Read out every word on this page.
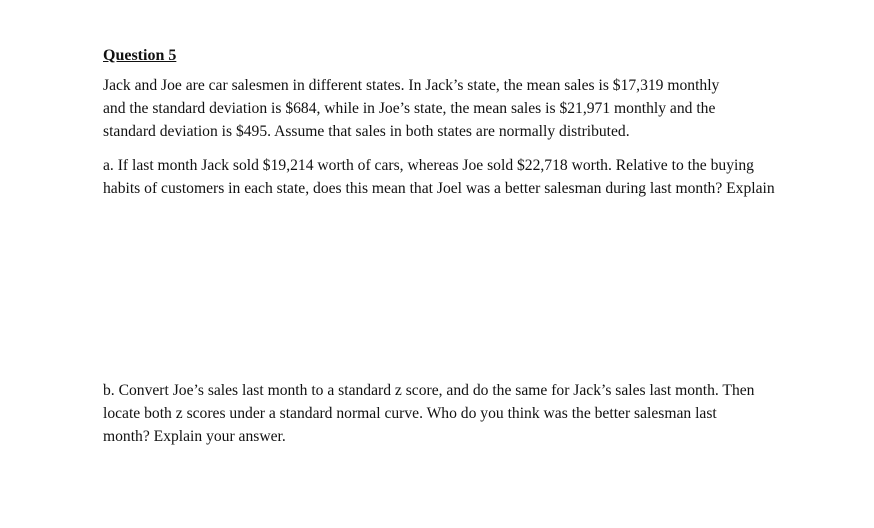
Question 5

Jack and Joe are car salesmen in different states. In Jack’s state, the mean sales is $17,319 monthly and the standard deviation is $684, while in Joe’s state, the mean sales is $21,971 monthly and the standard deviation is $495. Assume that sales in both states are normally distributed.

a. If last month Jack sold $19,214 worth of cars, whereas Joe sold $22,718 worth. Relative to the buying habits of customers in each state, does this mean that Joel was a better salesman during last month? Explain

b. Convert Joe’s sales last month to a standard z score, and do the same for Jack’s sales last month. Then locate both z scores under a standard normal curve. Who do you think was the better salesman last month? Explain your answer.
